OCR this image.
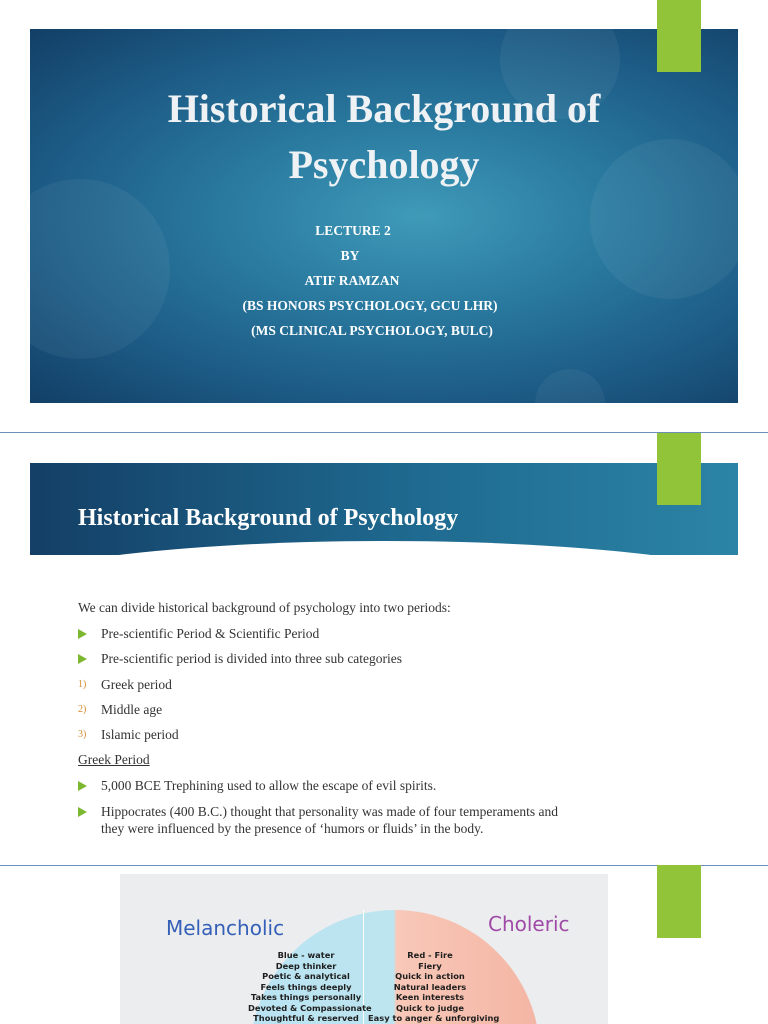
Historical Background of
Psychology
LECTURE 2
BY
ATIF RAMZAN
(BS HONORS PSYCHOLOGY, GCU LHR)
(MS CLINICAL PSYCHOLOGY, BULC)
Historical Background of Psychology
We can divide historical background of psychology into two periods:
Pre-scientific Period & Scientific Period
Pre-scientific period is divided into three sub categories
1) Greek period
2) Middle age
3) Islamic period
Greek Period
5,000 BCE Trephining used to allow the escape of evil spirits.
Hippocrates (400 B.C.) thought that personality was made of four temperaments and
they were influenced by the presence of ‘humors or fluids’ in the body.
Melancholic	Choleric
Blue - water
Deep thinker
Poetic & analytical
Feels things deeply
Takes things personally
Devoted & Compassionate
Thoughtful & reserved
Red - Fire
Fiery
Quick in action
Natural leaders
Keen interests
Quick to judge
Easy to anger & unforgiving
